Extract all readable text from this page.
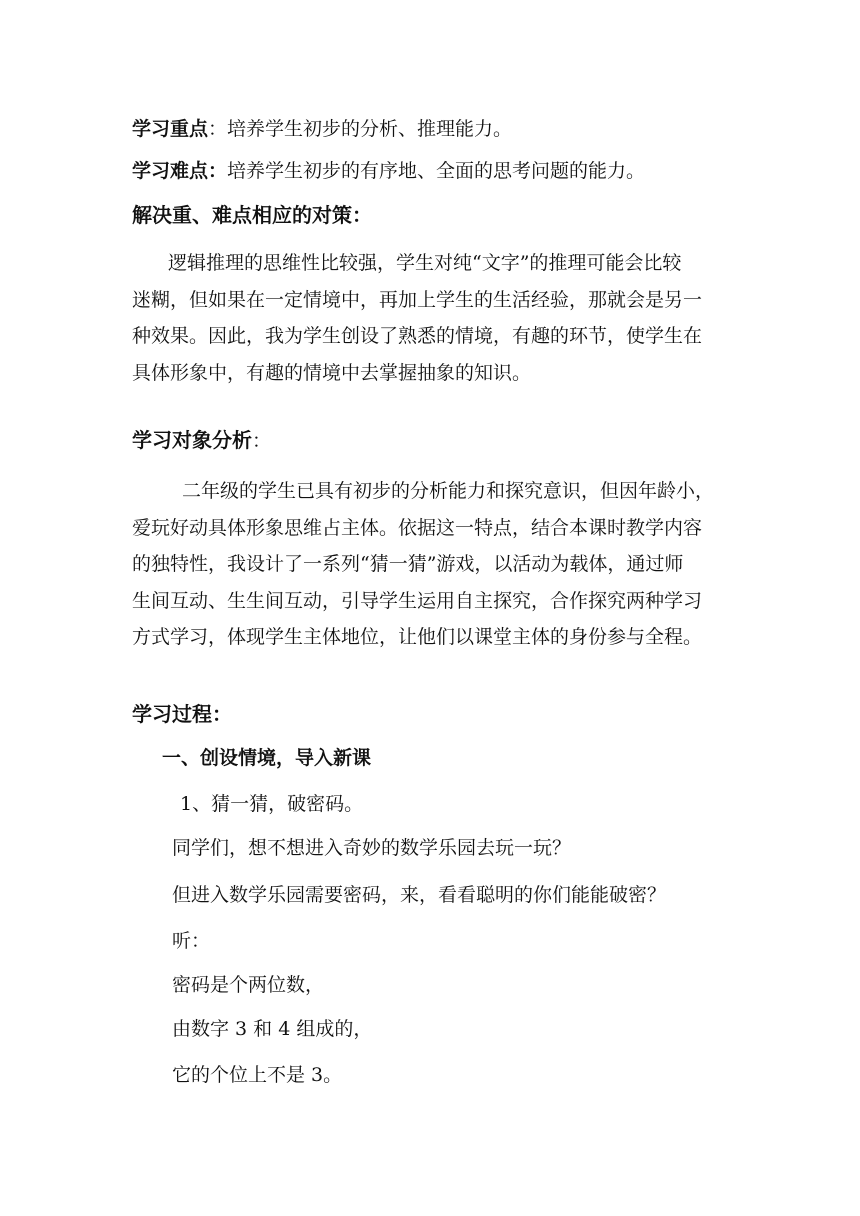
学习重点：培养学生初步的分析、推理能力。
学习难点：培养学生初步的有序地、全面的思考问题的能力。
解决重、难点相应的对策：

逻辑推理的思维性比较强，学生对纯“文字”的推理可能会比较

迷糊，但如果在一定情境中，再加上学生的生活经验，那就会是另一

种效果。因此，我为学生创设了熟悉的情境，有趣的环节，使学生在

具体形象中，有趣的情境中去掌握抽象的知识。

学习对象分析：

二年级的学生已具有初步的分析能力和探究意识，但因年龄小，

爱玩好动具体形象思维占主体。依据这一特点，结合本课时教学内容

的独特性，我设计了一系列“猜一猜”游戏，以活动为载体，通过师

生间互动、生生间互动，引导学生运用自主探究，合作探究两种学习

方式学习，体现学生主体地位，让他们以课堂主体的身份参与全程。

学习过程：
一、创设情境，导入新课
1、猜一猜，破密码。
同学们，想不想进入奇妙的数学乐园去玩一玩？
但进入数学乐园需要密码，来，看看聪明的你们能能破密？
听：
密码是个两位数，
由数字 3 和 4 组成的，
它的个位上不是 3。
